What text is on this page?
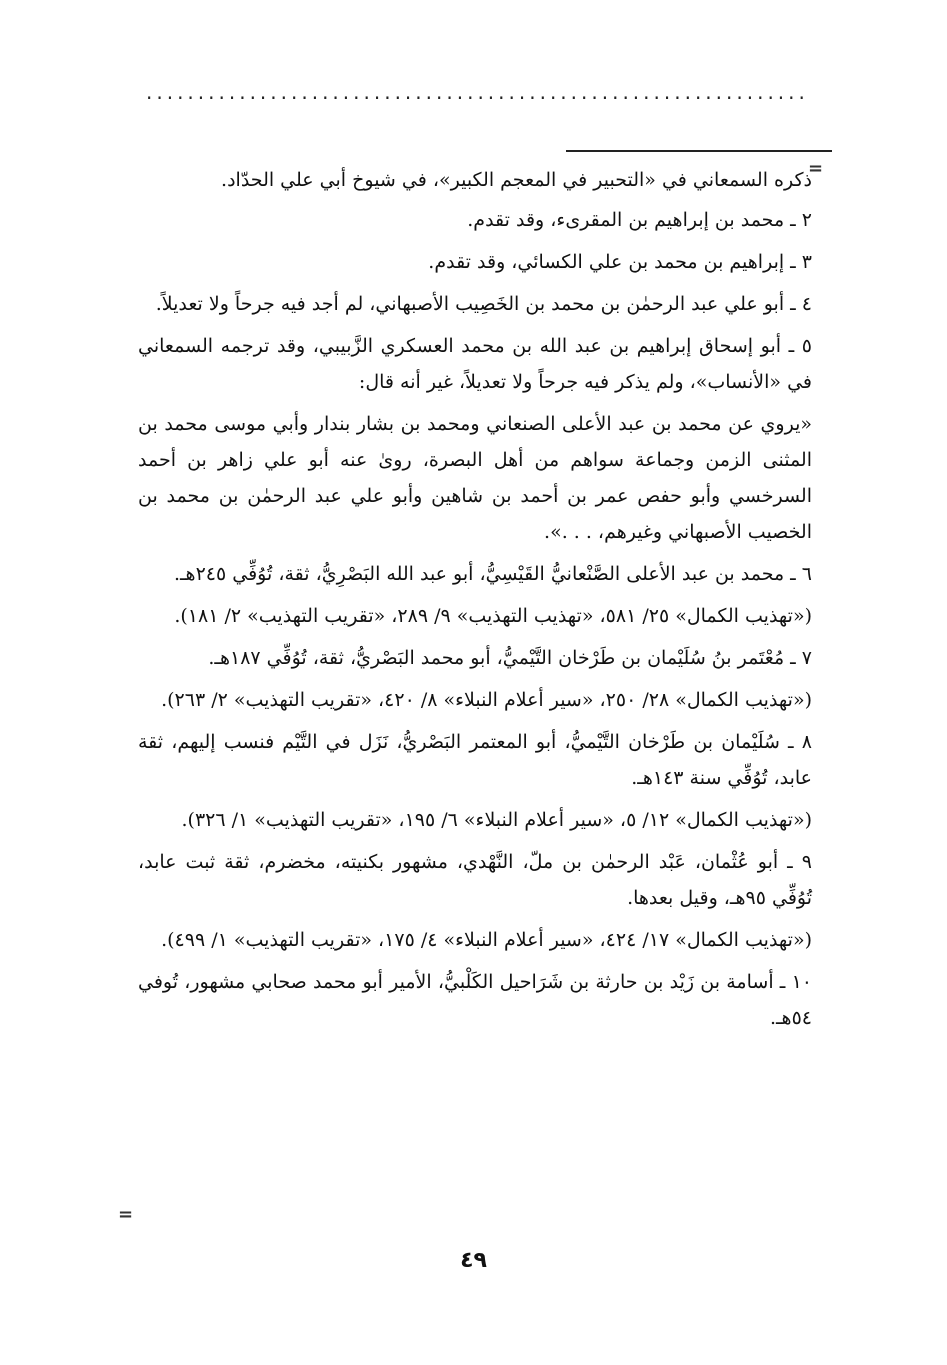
................................................................
=

ذكره السمعاني في «التحبير في المعجم الكبير»، في شيوخ أبي علي الحدّاد.

٢ ـ محمد بن إبراهيم بن المقرىء، وقد تقدم.

٣ ـ إبراهيم بن محمد بن علي الكسائي، وقد تقدم.

٤ ـ أبو علي عبد الرحمٰن بن محمد بن الخَصِيب الأصبهاني، لم أجد فيه جرحاً ولا تعديلاً.

٥ ـ أبو إسحاق إبراهيم بن عبد الله بن محمد العسكري الزَّبيبي، وقد ترجمه السمعاني في «الأنساب»، ولم يذكر فيه جرحاً ولا تعديلاً، غير أنه قال:

«يروي عن محمد بن عبد الأعلى الصنعاني ومحمد بن بشار بندار وأبي موسى محمد بن المثنى الزمن وجماعة سواهم من أهل البصرة، روىٰ عنه أبو علي زاهر بن أحمد السرخسي وأبو حفص عمر بن أحمد بن شاهين وأبو علي عبد الرحمٰن بن محمد بن الخصيب الأصبهاني وغيرهم، . . .».

٦ ـ محمد بن عبد الأعلى الصَّنْعانيُّ القَيْسِيُّ، أبو عبد الله البَصْرِيُّ، ثقة، تُوُفِّي ٢٤٥هـ.

(«تهذيب الكمال» ٢٥/ ٥٨١، «تهذيب التهذيب» ٩/ ٢٨٩، «تقريب التهذيب» ٢/ ١٨١).

٧ ـ مُعْتَمر بنُ سُلَيْمان بن طَرْخان التَّيْميُّ، أبو محمد البَصْريُّ، ثقة، تُوُفِّي ١٨٧هـ.

(«تهذيب الكمال» ٢٨/ ٢٥٠، «سير أعلام النبلاء» ٨/ ٤٢٠، «تقريب التهذيب» ٢/ ٢٦٣).

٨ ـ سُلَيْمان بن طَرْخان التَّيْميُّ، أبو المعتمر البَصْريُّ، نَزَل في التَّيْم فنسب إليهم، ثقة عابد، تُوُفِّي سنة ١٤٣هـ.

(«تهذيب الكمال» ١٢/ ٥، «سير أعلام النبلاء» ٦/ ١٩٥، «تقريب التهذيب» ١/ ٣٢٦).

٩ ـ أبو عُثْمان، عَبْد الرحمٰن بن ملّ، النَّهْدي، مشهور بكنيته، مخضرم، ثقة ثبت عابد، تُوُفِّي ٩٥هـ، وقيل بعدها.

(«تهذيب الكمال» ١٧/ ٤٢٤، «سير أعلام النبلاء» ٤/ ١٧٥، «تقريب التهذيب» ١/ ٤٩٩).

١٠ ـ أسامة بن زَيْد بن حارثة بن شَرَاحيل الكَلْبيُّ، الأمير أبو محمد صحابي مشهور، تُوفي ٥٤هـ.

=
٤٩
